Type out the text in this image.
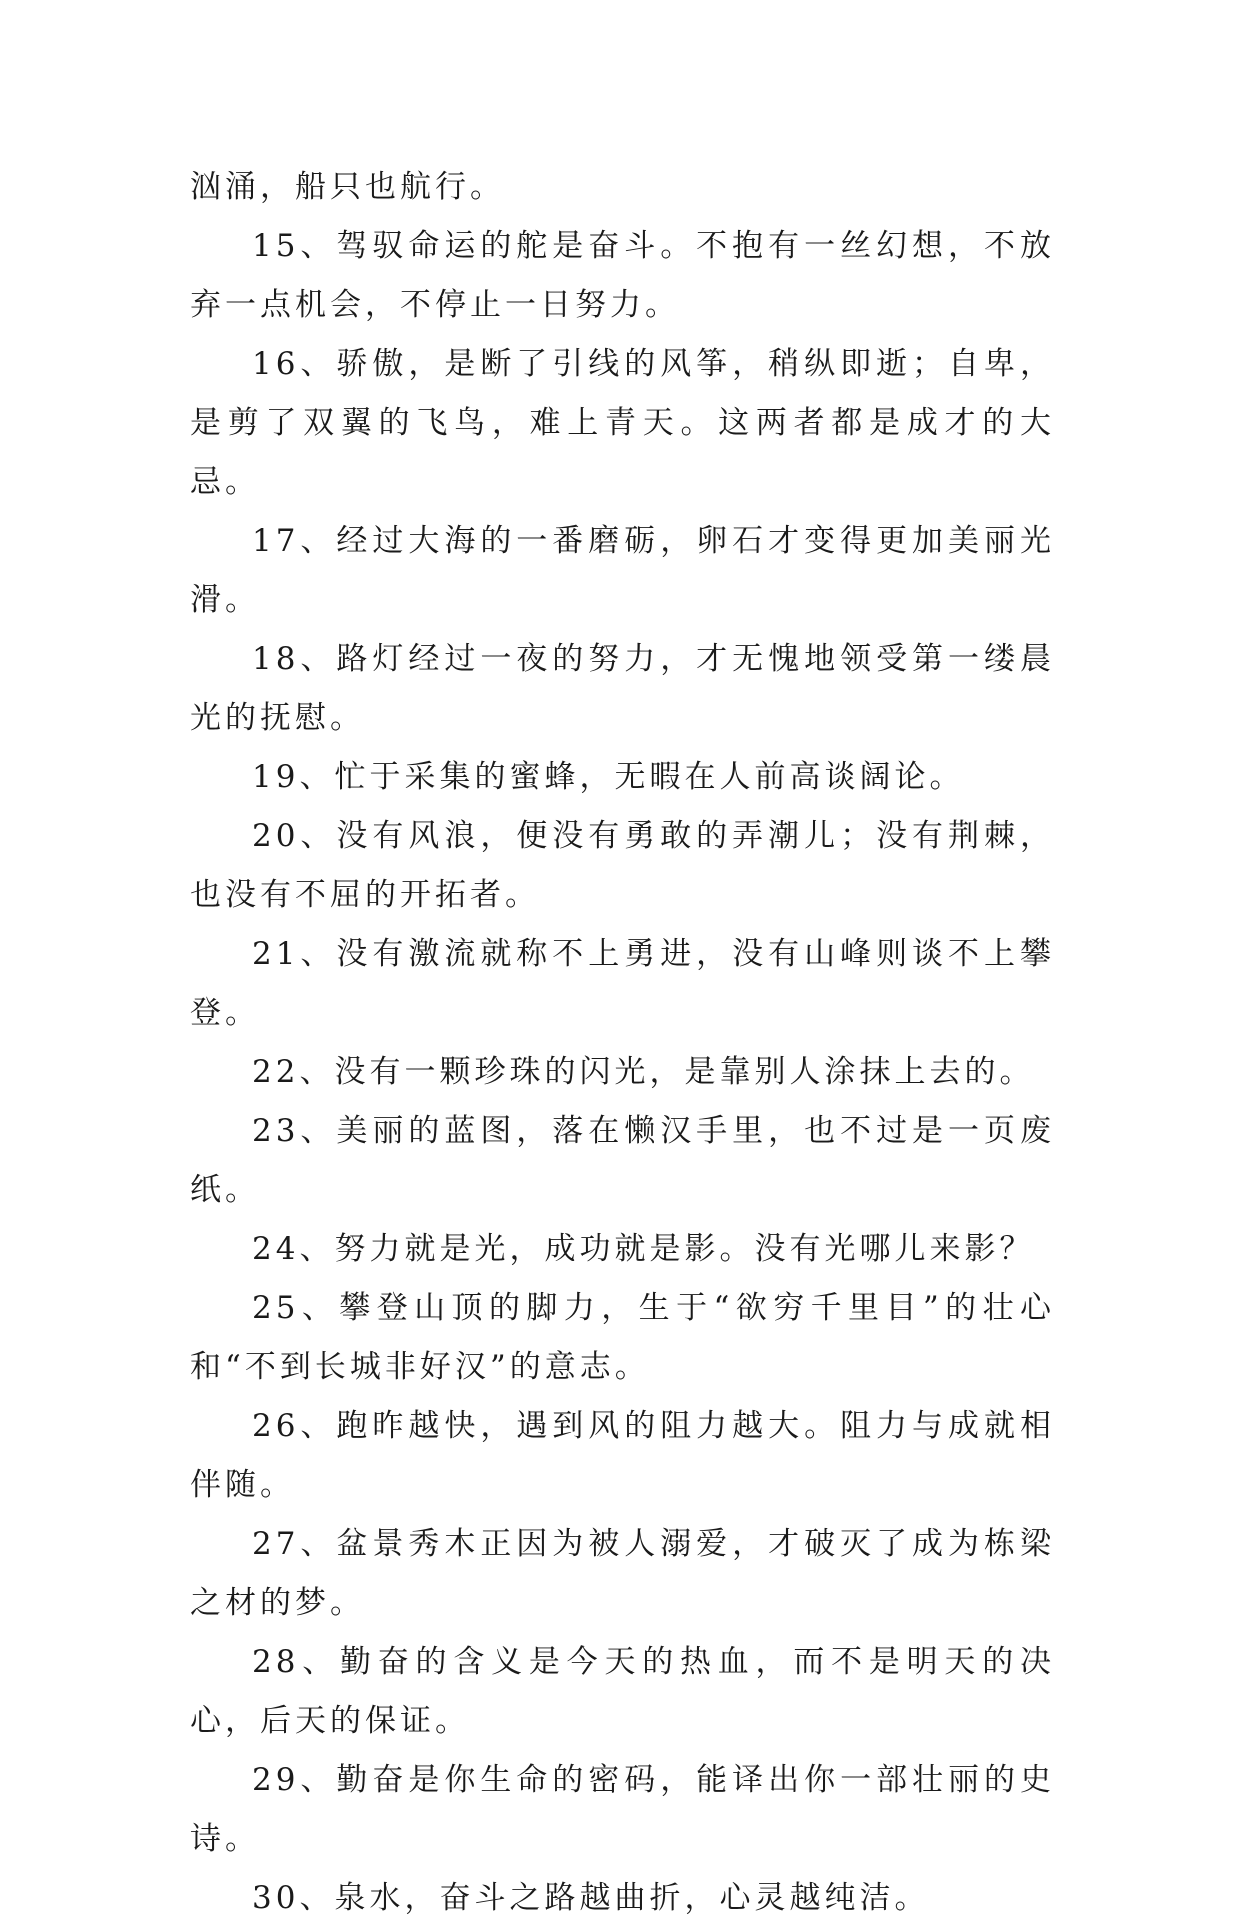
汹涌，船只也航行。

15、驾驭命运的舵是奋斗。不抱有一丝幻想，不放弃一点机会，不停止一日努力。

16、骄傲，是断了引线的风筝，稍纵即逝；自卑，是剪了双翼的飞鸟，难上青天。这两者都是成才的大忌。

17、经过大海的一番磨砺，卵石才变得更加美丽光滑。

18、路灯经过一夜的努力，才无愧地领受第一缕晨光的抚慰。

19、忙于采集的蜜蜂，无暇在人前高谈阔论。

20、没有风浪，便没有勇敢的弄潮儿；没有荆棘，也没有不屈的开拓者。

21、没有激流就称不上勇进，没有山峰则谈不上攀登。

22、没有一颗珍珠的闪光，是靠别人涂抹上去的。

23、美丽的蓝图，落在懒汉手里，也不过是一页废纸。

24、努力就是光，成功就是影。没有光哪儿来影？

25、攀登山顶的脚力，生于“欲穷千里目”的壮心和“不到长城非好汉”的意志。

26、跑昨越快，遇到风的阻力越大。阻力与成就相伴随。

27、盆景秀木正因为被人溺爱，才破灭了成为栋梁之材的梦。

28、勤奋的含义是今天的热血，而不是明天的决心，后天的保证。

29、勤奋是你生命的密码，能译出你一部壮丽的史诗。

30、泉水，奋斗之路越曲折，心灵越纯洁。
